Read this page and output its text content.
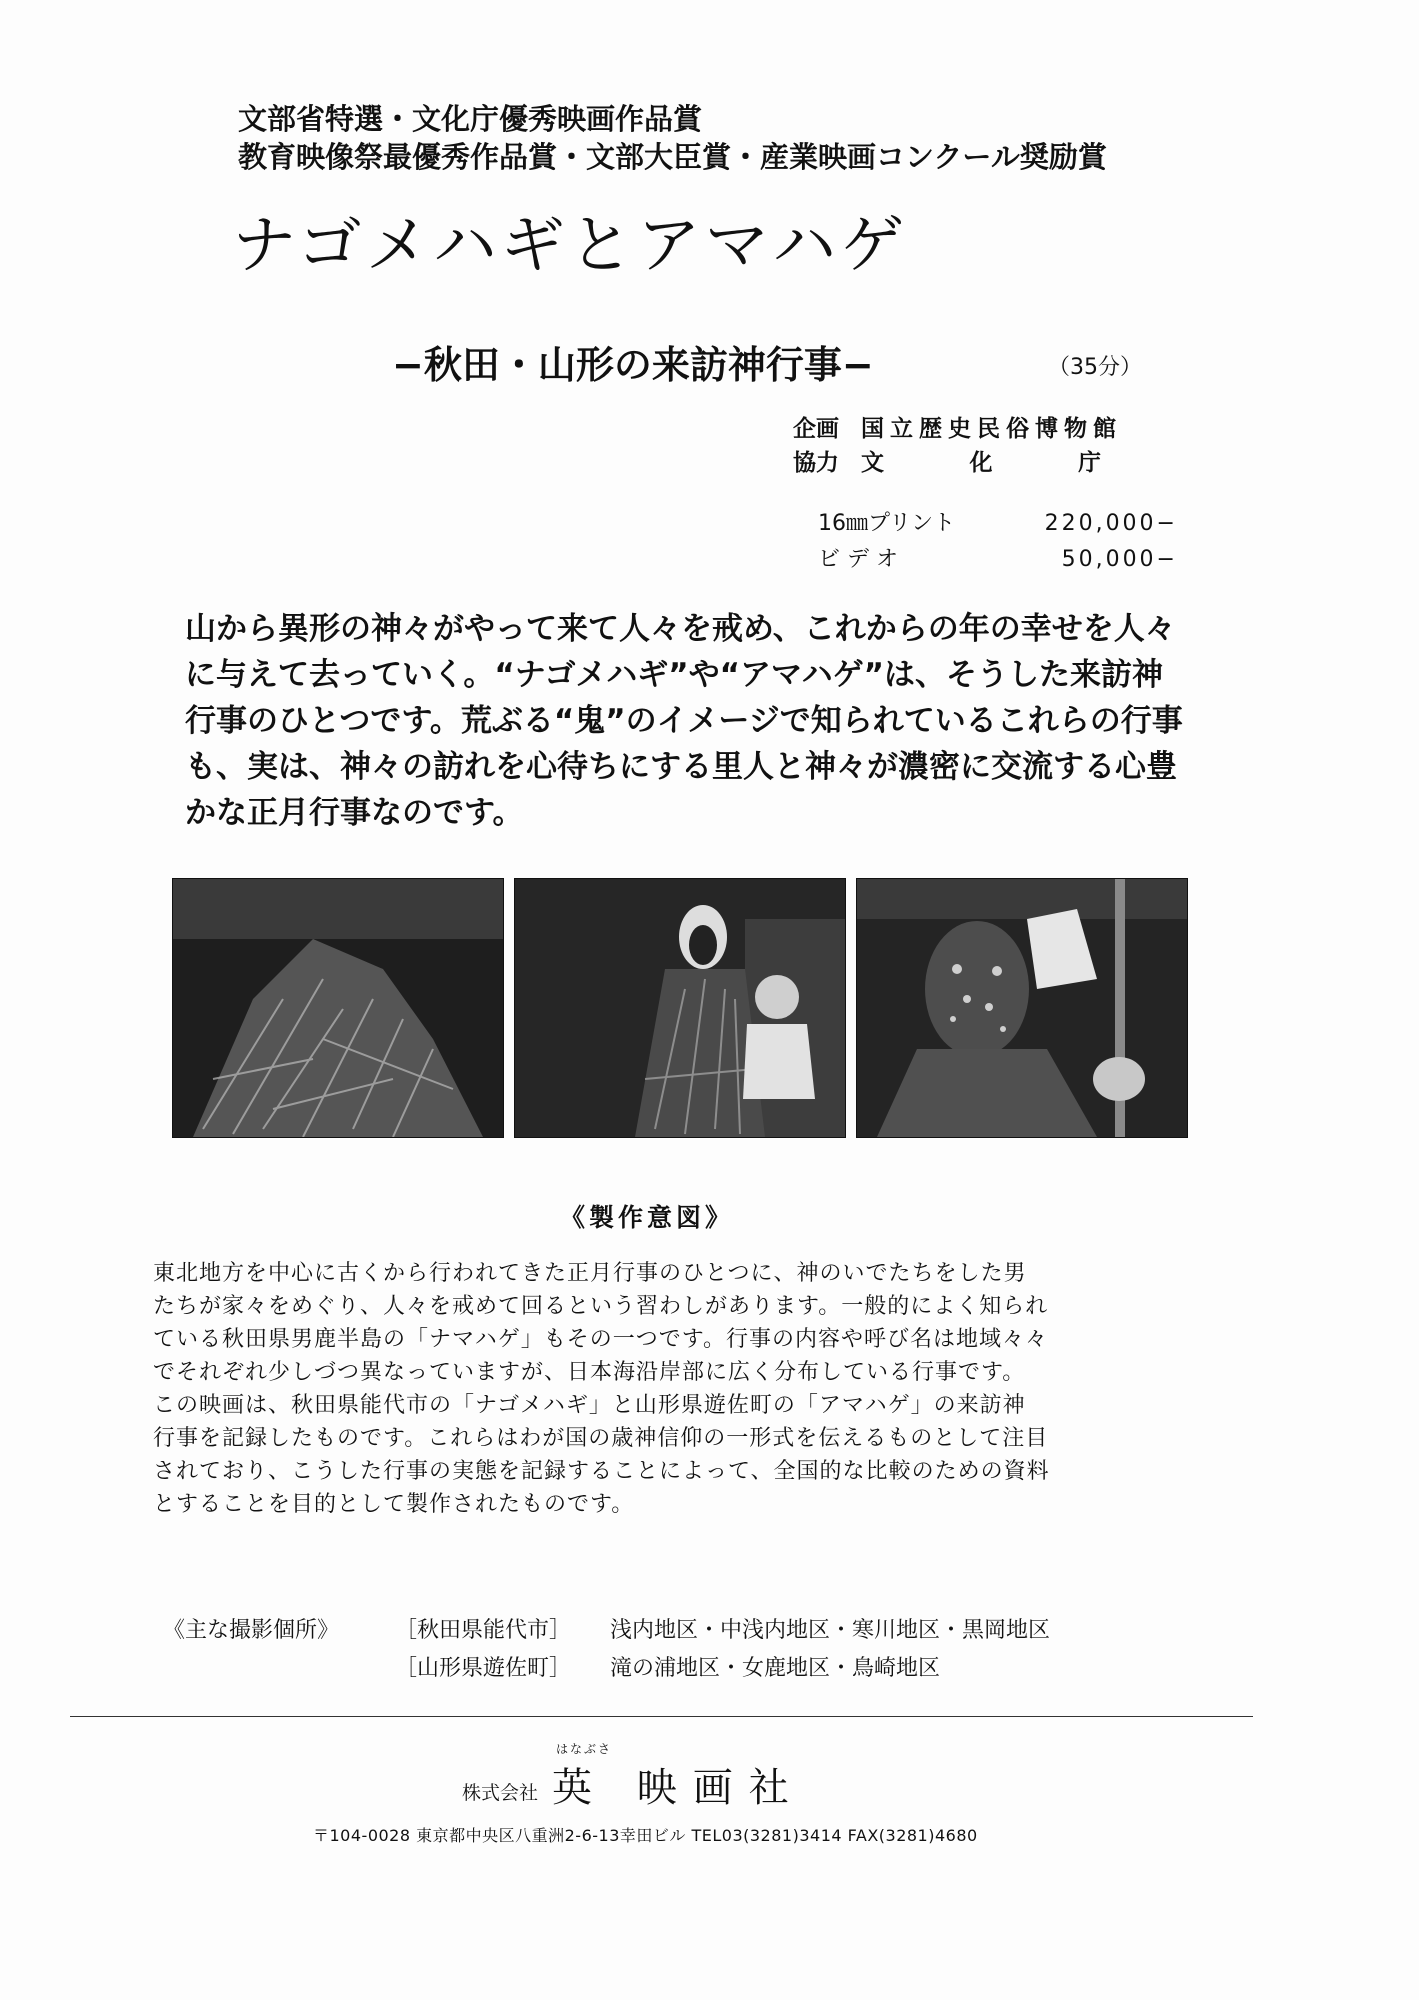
文部省特選・文化庁優秀映画作品賞
教育映像祭最優秀作品賞・文部大臣賞・産業映画コンクール奨励賞
ナゴメハギとアマハゲ
−秋田・山形の来訪神行事−	（35分）
企画 国立歴史民俗博物館
協力 文	化	庁
16㎜プリント	220,000−
ビ デ オ	50,000−
山から異形の神々がやって来て人々を戒め、これからの年の幸せを人々に与えて去っていく。“ナゴメハギ”や“アマハゲ”は、そうした来訪神行事のひとつです。荒ぶる“鬼”のイメージで知られているこれらの行事も、実は、神々の訪れを心待ちにする里人と神々が濃密に交流する心豊かな正月行事なのです。
《製作意図》
東北地方を中心に古くから行われてきた正月行事のひとつに、神のいでたちをした男
たちが家々をめぐり、人々を戒めて回るという習わしがあります。一般的によく知られ
ている秋田県男鹿半島の「ナマハゲ」もその一つです。行事の内容や呼び名は地域々々
でそれぞれ少しづつ異なっていますが、日本海沿岸部に広く分布している行事です。
この映画は、秋田県能代市の「ナゴメハギ」と山形県遊佐町の「アマハゲ」の来訪神
行事を記録したものです。これらはわが国の歳神信仰の一形式を伝えるものとして注目
されており、こうした行事の実態を記録することによって、全国的な比較のための資料
とすることを目的として製作されたものです。
《主な撮影個所》	［秋田県能代市］	浅内地区・中浅内地区・寒川地区・黒岡地区
［山形県遊佐町］	滝の浦地区・女鹿地区・鳥崎地区
株式会社
はなぶさ
英 映画社
〒104-0028 東京都中央区八重洲2-6-13幸田ビル TEL03(3281)3414 FAX(3281)4680
